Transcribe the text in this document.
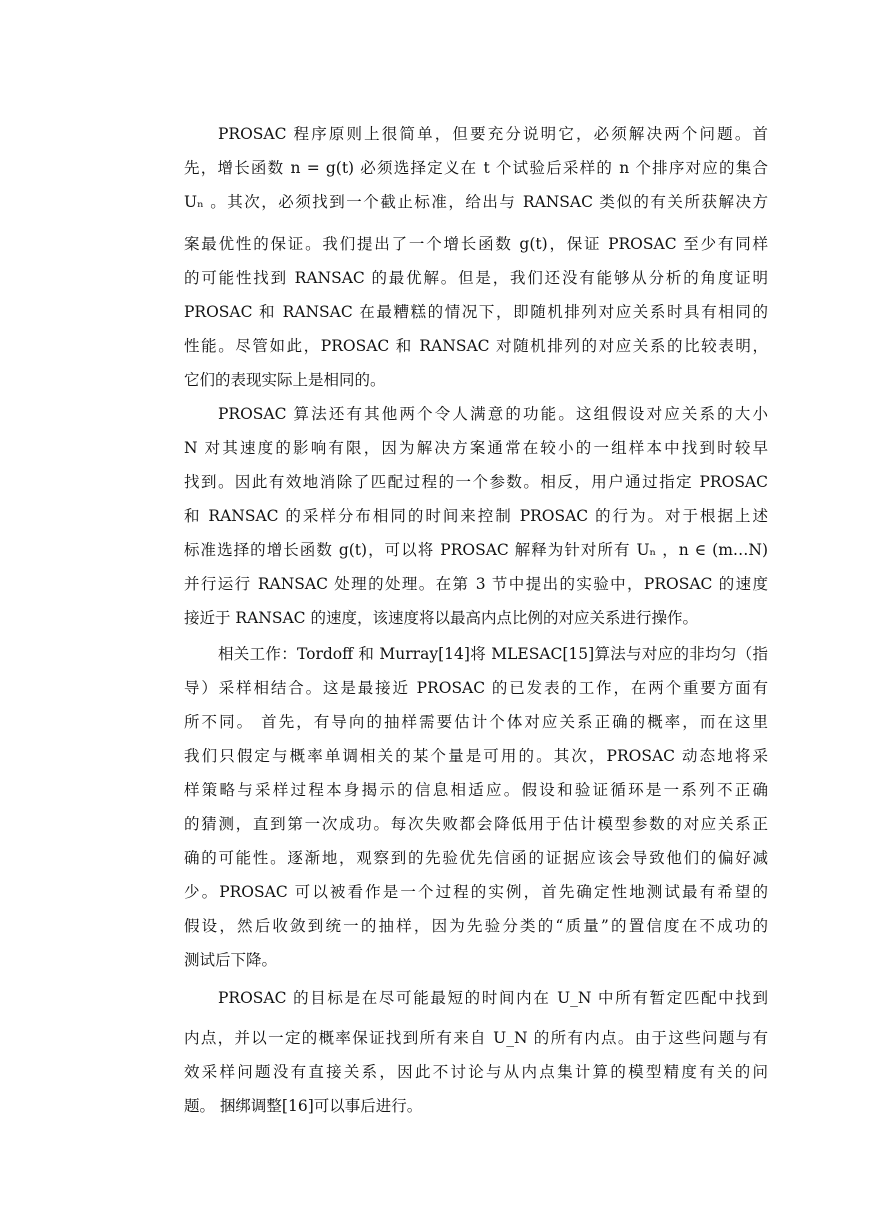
PROSAC 程序原则上很简单，但要充分说明它，必须解决两个问题。首
先，增长函数 n = g(t) 必须选择定义在 t 个试验后采样的 n 个排序对应的集合
Uₙ 。其次，必须找到一个截止标准，给出与 RANSAC 类似的有关所获解决方
案最优性的保证。我们提出了一个增长函数 g(t)，保证 PROSAC 至少有同样
的可能性找到 RANSAC 的最优解。但是，我们还没有能够从分析的角度证明
PROSAC 和 RANSAC 在最糟糕的情况下，即随机排列对应关系时具有相同的
性能。尽管如此，PROSAC 和 RANSAC 对随机排列的对应关系的比较表明，
它们的表现实际上是相同的。
PROSAC 算法还有其他两个令人满意的功能。这组假设对应关系的大小
N 对其速度的影响有限，因为解决方案通常在较小的一组样本中找到时较早
找到。因此有效地消除了匹配过程的一个参数。相反，用户通过指定 PROSAC
和 RANSAC 的采样分布相同的时间来控制 PROSAC 的行为。对于根据上述
标准选择的增长函数 g(t)，可以将 PROSAC 解释为针对所有 Uₙ ，n ∈ (m…N)
并行运行 RANSAC 处理的处理。在第 3 节中提出的实验中，PROSAC 的速度
接近于 RANSAC 的速度，该速度将以最高内点比例的对应关系进行操作。
相关工作：Tordoff 和 Murray[14]将 MLESAC[15]算法与对应的非均匀（指
导）采样相结合。这是最接近 PROSAC 的已发表的工作，在两个重要方面有
所不同。 首先，有导向的抽样需要估计个体对应关系正确的概率，而在这里
我们只假定与概率单调相关的某个量是可用的。其次，PROSAC 动态地将采
样策略与采样过程本身揭示的信息相适应。假设和验证循环是一系列不正确
的猜测，直到第一次成功。每次失败都会降低用于估计模型参数的对应关系正
确的可能性。逐渐地，观察到的先验优先信函的证据应该会导致他们的偏好减
少。PROSAC 可以被看作是一个过程的实例，首先确定性地测试最有希望的
假设，然后收敛到统一的抽样，因为先验分类的“质量”的置信度在不成功的
测试后下降。
PROSAC 的目标是在尽可能最短的时间内在 U_N 中所有暂定匹配中找到
内点，并以一定的概率保证找到所有来自 U_N 的所有内点。由于这些问题与有
效采样问题没有直接关系，因此不讨论与从内点集计算的模型精度有关的问
题。 捆绑调整[16]可以事后进行。
